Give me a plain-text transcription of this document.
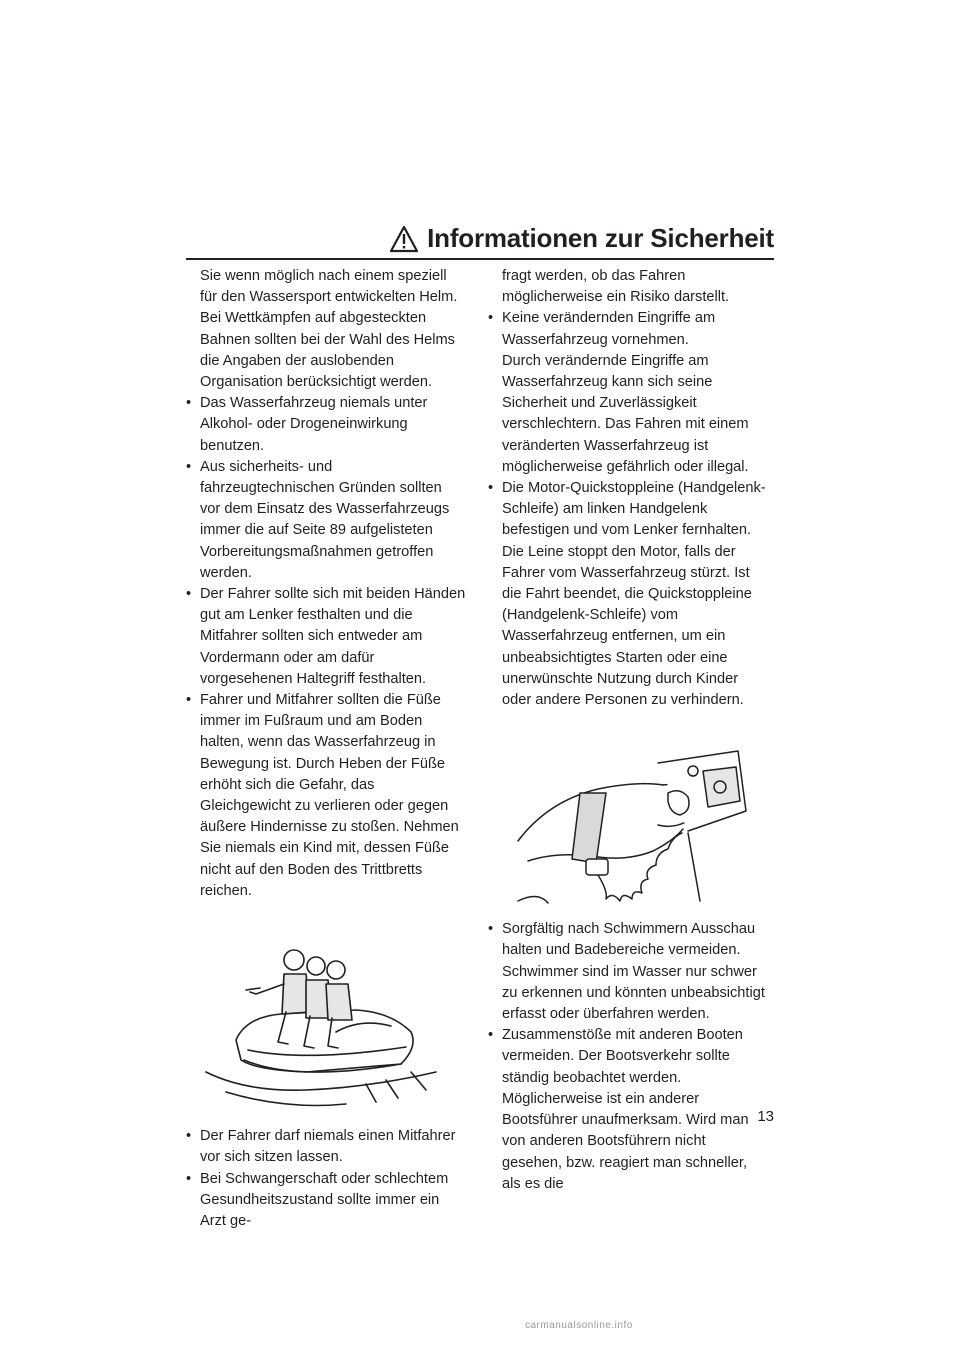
Informationen zur Sicherheit

Sie wenn möglich nach einem speziell für den Wassersport entwickelten Helm. Bei Wettkämpfen auf abgesteckten Bahnen sollten bei der Wahl des Helms die Angaben der auslobenden Organisation berücksichtigt werden.

• Das Wasserfahrzeug niemals unter Alkohol- oder Drogeneinwirkung benutzen.

• Aus sicherheits- und fahrzeugtechnischen Gründen sollten vor dem Einsatz des Wasserfahrzeugs immer die auf Seite 89 aufgelisteten Vorbereitungsmaßnahmen getroffen werden.

• Der Fahrer sollte sich mit beiden Händen gut am Lenker festhalten und die Mitfahrer sollten sich entweder am Vordermann oder am dafür vorgesehenen Haltegriff festhalten.

• Fahrer und Mitfahrer sollten die Füße immer im Fußraum und am Boden halten, wenn das Wasserfahrzeug in Bewegung ist. Durch Heben der Füße erhöht sich die Gefahr, das Gleichgewicht zu verlieren oder gegen äußere Hindernisse zu stoßen. Nehmen Sie niemals ein Kind mit, dessen Füße nicht auf den Boden des Trittbretts reichen.

• Der Fahrer darf niemals einen Mitfahrer vor sich sitzen lassen.

• Bei Schwangerschaft oder schlechtem Gesundheitszustand sollte immer ein Arzt ge-

fragt werden, ob das Fahren möglicherweise ein Risiko darstellt.

• Keine verändernden Eingriffe am Wasserfahrzeug vornehmen.
Durch verändernde Eingriffe am Wasserfahrzeug kann sich seine Sicherheit und Zuverlässigkeit verschlechtern. Das Fahren mit einem veränderten Wasserfahrzeug ist möglicherweise gefährlich oder illegal.

• Die Motor-Quickstoppleine (Handgelenk-Schleife) am linken Handgelenk befestigen und vom Lenker fernhalten. Die Leine stoppt den Motor, falls der Fahrer vom Wasserfahrzeug stürzt. Ist die Fahrt beendet, die Quickstoppleine (Handgelenk-Schleife) vom Wasserfahrzeug entfernen, um ein unbeabsichtigtes Starten oder eine unerwünschte Nutzung durch Kinder oder andere Personen zu verhindern.

• Sorgfältig nach Schwimmern Ausschau halten und Badebereiche vermeiden. Schwimmer sind im Wasser nur schwer zu erkennen und könnten unbeabsichtigt erfasst oder überfahren werden.

• Zusammenstöße mit anderen Booten vermeiden. Der Bootsverkehr sollte ständig beobachtet werden. Möglicherweise ist ein anderer Bootsführer unaufmerksam. Wird man von anderen Bootsführern nicht gesehen, bzw. reagiert man schneller, als es die

13
carmanualsonline.info
